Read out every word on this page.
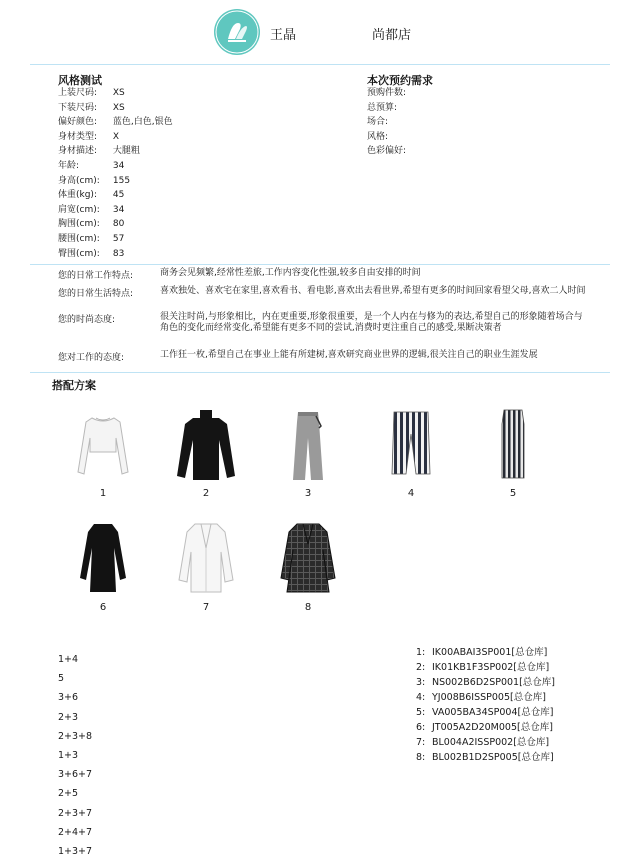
王晶	尚都店
风格测试
上装尺码: XS
下装尺码: XS
偏好颜色: 蓝色,白色,银色
身材类型: X
身材描述: 大腿粗
年龄:	34
身高(cm): 155
体重(kg): 45
肩宽(cm): 34
胸围(cm): 80
腰围(cm): 57
臀围(cm): 83
本次预约需求
预购件数:
总预算:
场合:
风格:
色彩偏好:
您的日常工作特点:	商务会见频繁,经常性差旅,工作内容变化性强,较多自由安排的时间
您的日常生活特点:	喜欢独处、喜欢宅在家里,喜欢看书、看电影,喜欢出去看世界,希望有更多的时间回家看望父母,喜欢二人时间
您的时尚态度:	很关注时尚,与形象相比，内在更重要,形象很重要，是一个人内在与修为的表达,希望自己的形象随着场合与角色的变化而经常变化,希望能有更多不同的尝试,消费时更注重自己的感受,果断决策者
您对工作的态度:	工作狂一枚,希望自己在事业上能有所建树,喜欢研究商业世界的逻辑,很关注自己的职业生涯发展
搭配方案
1	2	3	4	5
6	7	8
1+4
5
3+6
2+3
2+3+8
1+3
3+6+7
2+5
2+3+7
2+4+7
1+3+7
1: IK00ABAI3SP001[总仓库]
2: IK01KB1F3SP002[总仓库]
3: NS002B6D2SP001[总仓库]
4: YJ008B6ISSP005[总仓库]
5: VA005BA34SP004[总仓库]
6: JT005A2D20M005[总仓库]
7: BL004A2ISSP002[总仓库]
8: BL002B1D2SP005[总仓库]
